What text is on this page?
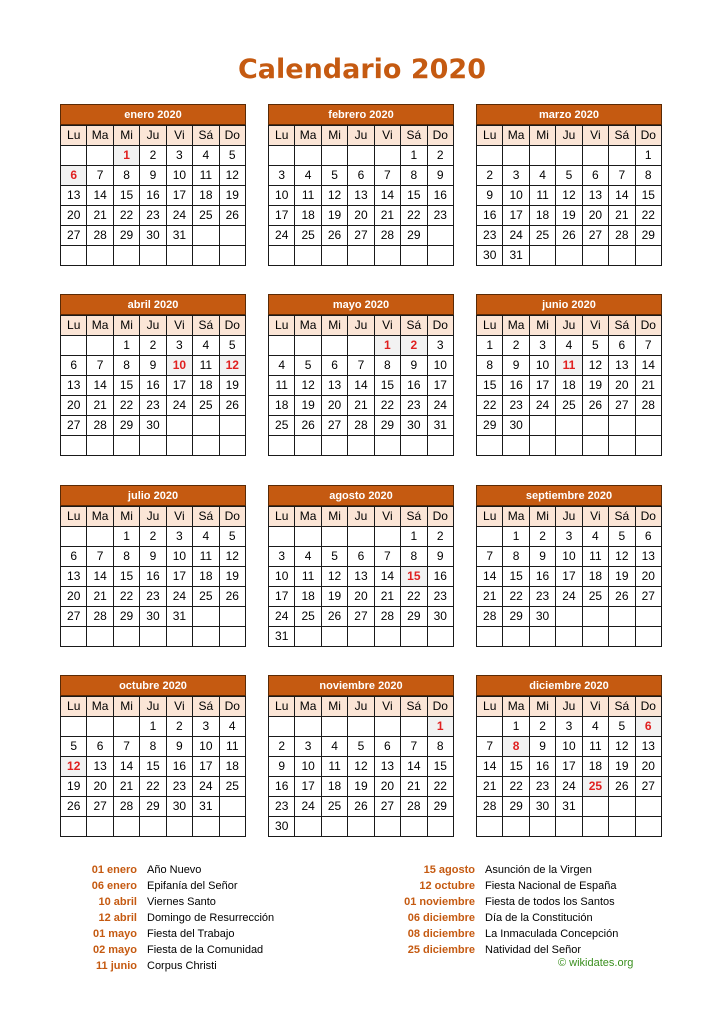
Calendario 2020
enero 2020
Lu	Ma	Mi	Ju	Vi	Sá	Do
		1	2	3	4	5
6	7	8	9	10	11	12
13	14	15	16	17	18	19
20	21	22	23	24	25	26
27	28	29	30	31		

febrero 2020
Lu	Ma	Mi	Ju	Vi	Sá	Do
					1	2
3	4	5	6	7	8	9
10	11	12	13	14	15	16
17	18	19	20	21	22	23
24	25	26	27	28	29	

marzo 2020
Lu	Ma	Mi	Ju	Vi	Sá	Do
						1
2	3	4	5	6	7	8
9	10	11	12	13	14	15
16	17	18	19	20	21	22
23	24	25	26	27	28	29
30	31					
abril 2020
Lu	Ma	Mi	Ju	Vi	Sá	Do
		1	2	3	4	5
6	7	8	9	10	11	12
13	14	15	16	17	18	19
20	21	22	23	24	25	26
27	28	29	30			

mayo 2020
Lu	Ma	Mi	Ju	Vi	Sá	Do
				1	2	3
4	5	6	7	8	9	10
11	12	13	14	15	16	17
18	19	20	21	22	23	24
25	26	27	28	29	30	31

junio 2020
Lu	Ma	Mi	Ju	Vi	Sá	Do
1	2	3	4	5	6	7
8	9	10	11	12	13	14
15	16	17	18	19	20	21
22	23	24	25	26	27	28
29	30					

julio 2020
Lu	Ma	Mi	Ju	Vi	Sá	Do
		1	2	3	4	5
6	7	8	9	10	11	12
13	14	15	16	17	18	19
20	21	22	23	24	25	26
27	28	29	30	31		

agosto 2020
Lu	Ma	Mi	Ju	Vi	Sá	Do
					1	2
3	4	5	6	7	8	9
10	11	12	13	14	15	16
17	18	19	20	21	22	23
24	25	26	27	28	29	30
31						
septiembre 2020
Lu	Ma	Mi	Ju	Vi	Sá	Do
	1	2	3	4	5	6
7	8	9	10	11	12	13
14	15	16	17	18	19	20
21	22	23	24	25	26	27
28	29	30				

octubre 2020
Lu	Ma	Mi	Ju	Vi	Sá	Do
			1	2	3	4
5	6	7	8	9	10	11
12	13	14	15	16	17	18
19	20	21	22	23	24	25
26	27	28	29	30	31	

noviembre 2020
Lu	Ma	Mi	Ju	Vi	Sá	Do
						1
2	3	4	5	6	7	8
9	10	11	12	13	14	15
16	17	18	19	20	21	22
23	24	25	26	27	28	29
30						
diciembre 2020
Lu	Ma	Mi	Ju	Vi	Sá	Do
	1	2	3	4	5	6
7	8	9	10	11	12	13
14	15	16	17	18	19	20
21	22	23	24	25	26	27
28	29	30	31			

01 enero Año Nuevo
06 enero Epifanía del Señor
10 abril Viernes Santo
12 abril Domingo de Resurrección
01 mayo Fiesta del Trabajo
02 mayo Fiesta de la Comunidad
11 junio Corpus Christi
15 agosto Asunción de la Virgen
12 octubre Fiesta Nacional de España
01 noviembre Fiesta de todos los Santos
06 diciembre Día de la Constitución
08 diciembre La Inmaculada Concepción
25 diciembre Natividad del Señor
© wikidates.org
